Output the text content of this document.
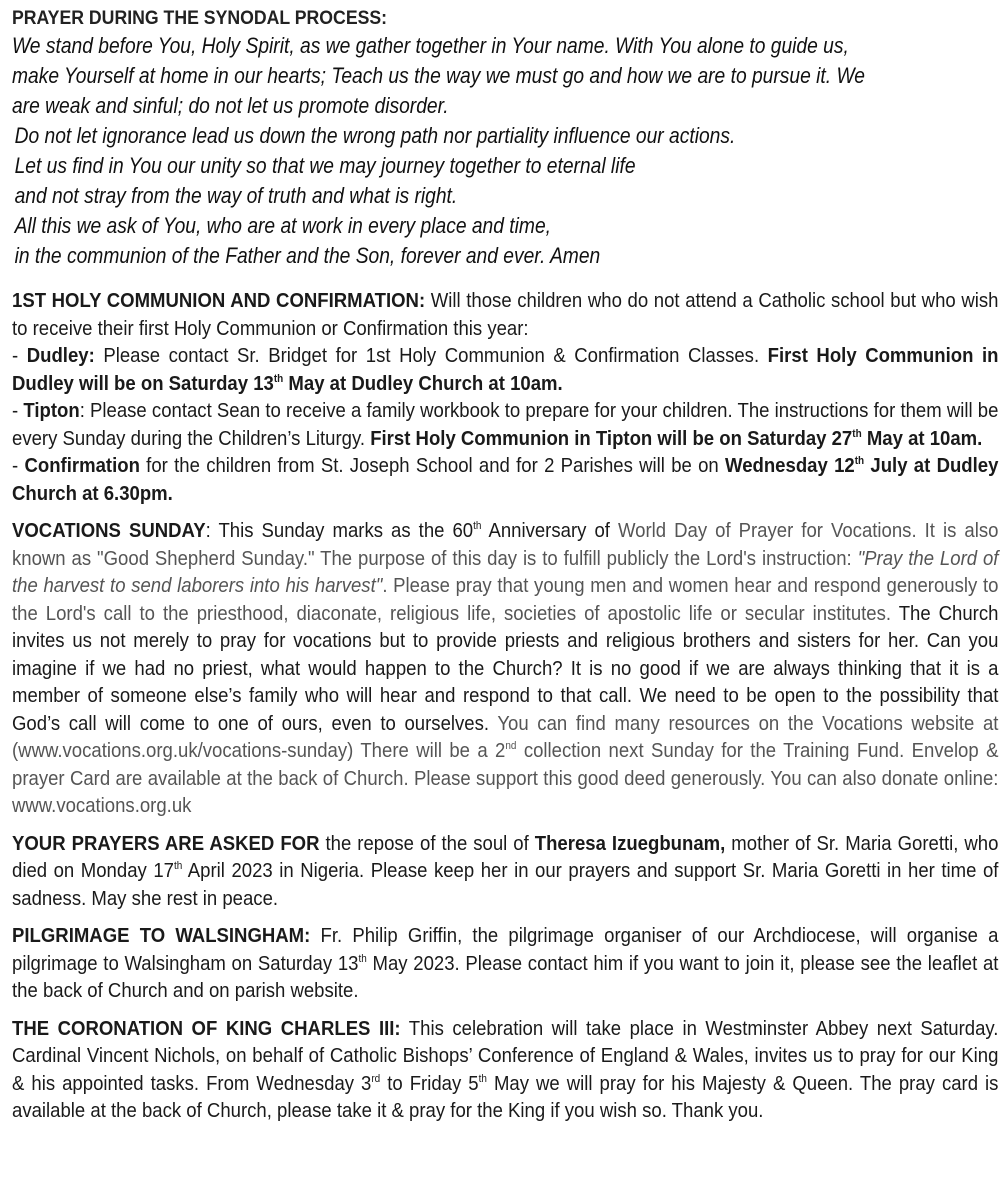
PRAYER DURING THE SYNODAL PROCESS:

We stand before You, Holy Spirit, as we gather together in Your name. With You alone to guide us,

make Yourself at home in our hearts; Teach us the way we must go and how we are to pursue it. We

are weak and sinful; do not let us promote disorder.

Do not let ignorance lead us down the wrong path nor partiality influence our actions.

Let us find in You our unity so that we may journey together to eternal life

and not stray from the way of truth and what is right.

All this we ask of You, who are at work in every place and time,

in the communion of the Father and the Son, forever and ever. Amen

1ST HOLY COMMUNION AND CONFIRMATION: Will those children who do not attend a Catholic school but who wish to receive their first Holy Communion or Confirmation this year:

- Dudley: Please contact Sr. Bridget for 1st Holy Communion & Confirmation Classes. First Holy Communion in Dudley will be on Saturday 13th May at Dudley Church at 10am.

- Tipton: Please contact Sean to receive a family workbook to prepare for your children. The instructions for them will be every Sunday during the Children’s Liturgy. First Holy Communion in Tipton will be on Saturday 27th May at 10am.

- Confirmation for the children from St. Joseph School and for 2 Parishes will be on Wednesday 12th July at Dudley Church at 6.30pm.

VOCATIONS SUNDAY: This Sunday marks as the 60th Anniversary of World Day of Prayer for Vocations. It is also known as "Good Shepherd Sunday." The purpose of this day is to fulfill publicly the Lord's instruction: "Pray the Lord of the harvest to send laborers into his harvest". Please pray that young men and women hear and respond generously to the Lord's call to the priesthood, diaconate, religious life, societies of apostolic life or secular institutes. The Church invites us not merely to pray for vocations but to provide priests and religious brothers and sisters for her. Can you imagine if we had no priest, what would happen to the Church? It is no good if we are always thinking that it is a member of someone else’s family who will hear and respond to that call. We need to be open to the possibility that God’s call will come to one of ours, even to ourselves. You can find many resources on the Vocations website at (www.vocations.org.uk/vocations-sunday) There will be a 2nd collection next Sunday for the Training Fund. Envelop & prayer Card are available at the back of Church. Please support this good deed generously. You can also donate online: www.vocations.org.uk

YOUR PRAYERS ARE ASKED FOR the repose of the soul of Theresa Izuegbunam, mother of Sr. Maria Goretti, who died on Monday 17th April 2023 in Nigeria. Please keep her in our prayers and support Sr. Maria Goretti in her time of sadness. May she rest in peace.

PILGRIMAGE TO WALSINGHAM: Fr. Philip Griffin, the pilgrimage organiser of our Archdiocese, will organise a pilgrimage to Walsingham on Saturday 13th May 2023. Please contact him if you want to join it, please see the leaflet at the back of Church and on parish website.

THE CORONATION OF KING CHARLES III: This celebration will take place in Westminster Abbey next Saturday. Cardinal Vincent Nichols, on behalf of Catholic Bishops’ Conference of England & Wales, invites us to pray for our King & his appointed tasks. From Wednesday 3rd to Friday 5th May we will pray for his Majesty & Queen. The pray card is available at the back of Church, please take it & pray for the King if you wish so. Thank you.
